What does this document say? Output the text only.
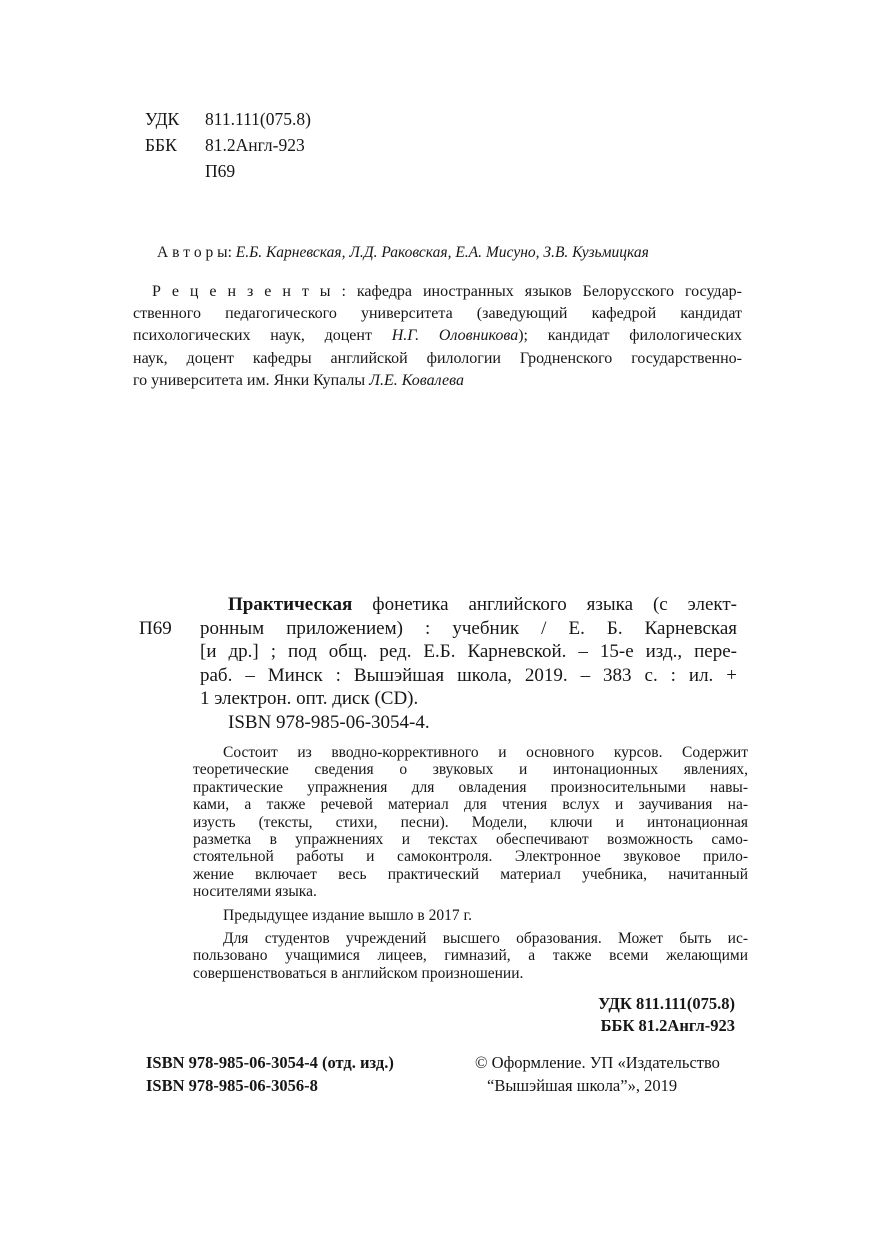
УДК	811.111(075.8)
ББК	81.2Англ-923
П69
А в т о р ы: Е.Б. Карневская, Л.Д. Раковская, Е.А. Мисуно, З.В. Кузьмицкая
Р е ц е н з е н т ы : кафедра иностранных языков Белорусского государ-
ственного педагогического университета (заведующий кафедрой кандидат
психологических наук, доцент Н.Г. Оловникова); кандидат филологических
наук, доцент кафедры английской филологии Гродненского государственно-
го университета им. Янки Купалы Л.Е. Ковалева
П69
Практическая фонетика английского языка (с элект-
ронным приложением) : учебник / Е. Б. Карневская
[и др.] ; под общ. ред. Е.Б. Карневской. – 15-е изд., пере-
раб. – Минск : Вышэйшая школа, 2019. – 383 с. : ил. +
1 электрон. опт. диск (CD).
ISBN 978-985-06-3054-4.
Состоит из вводно-коррективного и основного курсов. Содержит
теоретические сведения о звуковых и интонационных явлениях,
практические упражнения для овладения произносительными навы-
ками, а также речевой материал для чтения вслух и заучивания на-
изусть (тексты, стихи, песни). Модели, ключи и интонационная
разметка в упражнениях и текстах обеспечивают возможность само-
стоятельной работы и самоконтроля. Электронное звуковое прило-
жение включает весь практический материал учебника, начитанный
носителями языка.
Предыдущее издание вышло в 2017 г.
Для студентов учреждений высшего образования. Может быть ис-
пользовано учащимися лицеев, гимназий, а также всеми желающими
совершенствоваться в английском произношении.
УДК 811.111(075.8)
ББК 81.2Англ-923
ISBN 978-985-06-3054-4 (отд. изд.)
ISBN 978-985-06-3056-8
© Оформление. УП «Издательство
“Вышэйшая школа”», 2019
